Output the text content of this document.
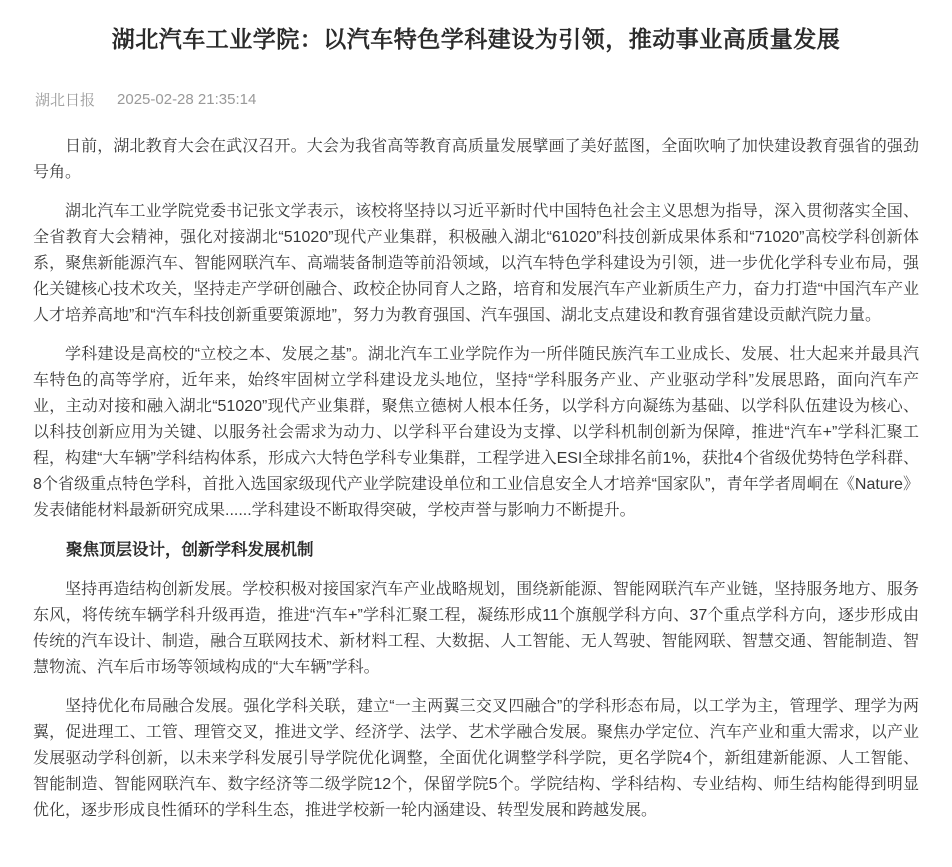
湖北汽车工业学院：以汽车特色学科建设为引领，推动事业高质量发展
湖北日报 2025-02-28 21:35:14

日前，湖北教育大会在武汉召开。大会为我省高等教育高质量发展擘画了美好蓝图，全面吹响了加快建设教育强省的强劲号角。

湖北汽车工业学院党委书记张文学表示，该校将坚持以习近平新时代中国特色社会主义思想为指导，深入贯彻落实全国、全省教育大会精神，强化对接湖北“51020”现代产业集群，积极融入湖北“61020”科技创新成果体系和“71020”高校学科创新体系，聚焦新能源汽车、智能网联汽车、高端装备制造等前沿领域，以汽车特色学科建设为引领，进一步优化学科专业布局，强化关键核心技术攻关，坚持走产学研创融合、政校企协同育人之路，培育和发展汽车产业新质生产力，奋力打造“中国汽车产业人才培养高地”和“汽车科技创新重要策源地”，努力为教育强国、汽车强国、湖北支点建设和教育强省建设贡献汽院力量。

学科建设是高校的“立校之本、发展之基”。湖北汽车工业学院作为一所伴随民族汽车工业成长、发展、壮大起来并最具汽车特色的高等学府，近年来，始终牢固树立学科建设龙头地位，坚持“学科服务产业、产业驱动学科”发展思路，面向汽车产业，主动对接和融入湖北“51020”现代产业集群，聚焦立德树人根本任务，以学科方向凝练为基础、以学科队伍建设为核心、以科技创新应用为关键、以服务社会需求为动力、以学科平台建设为支撑、以学科机制创新为保障，推进“汽车+”学科汇聚工程，构建“大车辆”学科结构体系，形成六大特色学科专业集群，工程学进入ESI全球排名前1%，获批4个省级优势特色学科群、8个省级重点特色学科，首批入选国家级现代产业学院建设单位和工业信息安全人才培养“国家队”，青年学者周峒在《Nature》发表储能材料最新研究成果......学科建设不断取得突破，学校声誉与影响力不断提升。

聚焦顶层设计，创新学科发展机制

坚持再造结构创新发展。学校积极对接国家汽车产业战略规划，围绕新能源、智能网联汽车产业链，坚持服务地方、服务东风，将传统车辆学科升级再造，推进“汽车+”学科汇聚工程，凝练形成11个旗舰学科方向、37个重点学科方向，逐步形成由传统的汽车设计、制造，融合互联网技术、新材料工程、大数据、人工智能、无人驾驶、智能网联、智慧交通、智能制造、智慧物流、汽车后市场等领域构成的“大车辆”学科。

坚持优化布局融合发展。强化学科关联，建立“一主两翼三交叉四融合”的学科形态布局，以工学为主，管理学、理学为两翼，促进理工、工管、理管交叉，推进文学、经济学、法学、艺术学融合发展。聚焦办学定位、汽车产业和重大需求，以产业发展驱动学科创新，以未来学科发展引导学院优化调整，全面优化调整学科学院，更名学院4个，新组建新能源、人工智能、智能制造、智能网联汽车、数字经济等二级学院12个，保留学院5个。学院结构、学科结构、专业结构、师生结构能得到明显优化，逐步形成良性循环的学科生态，推进学校新一轮内涵建设、转型发展和跨越发展。
